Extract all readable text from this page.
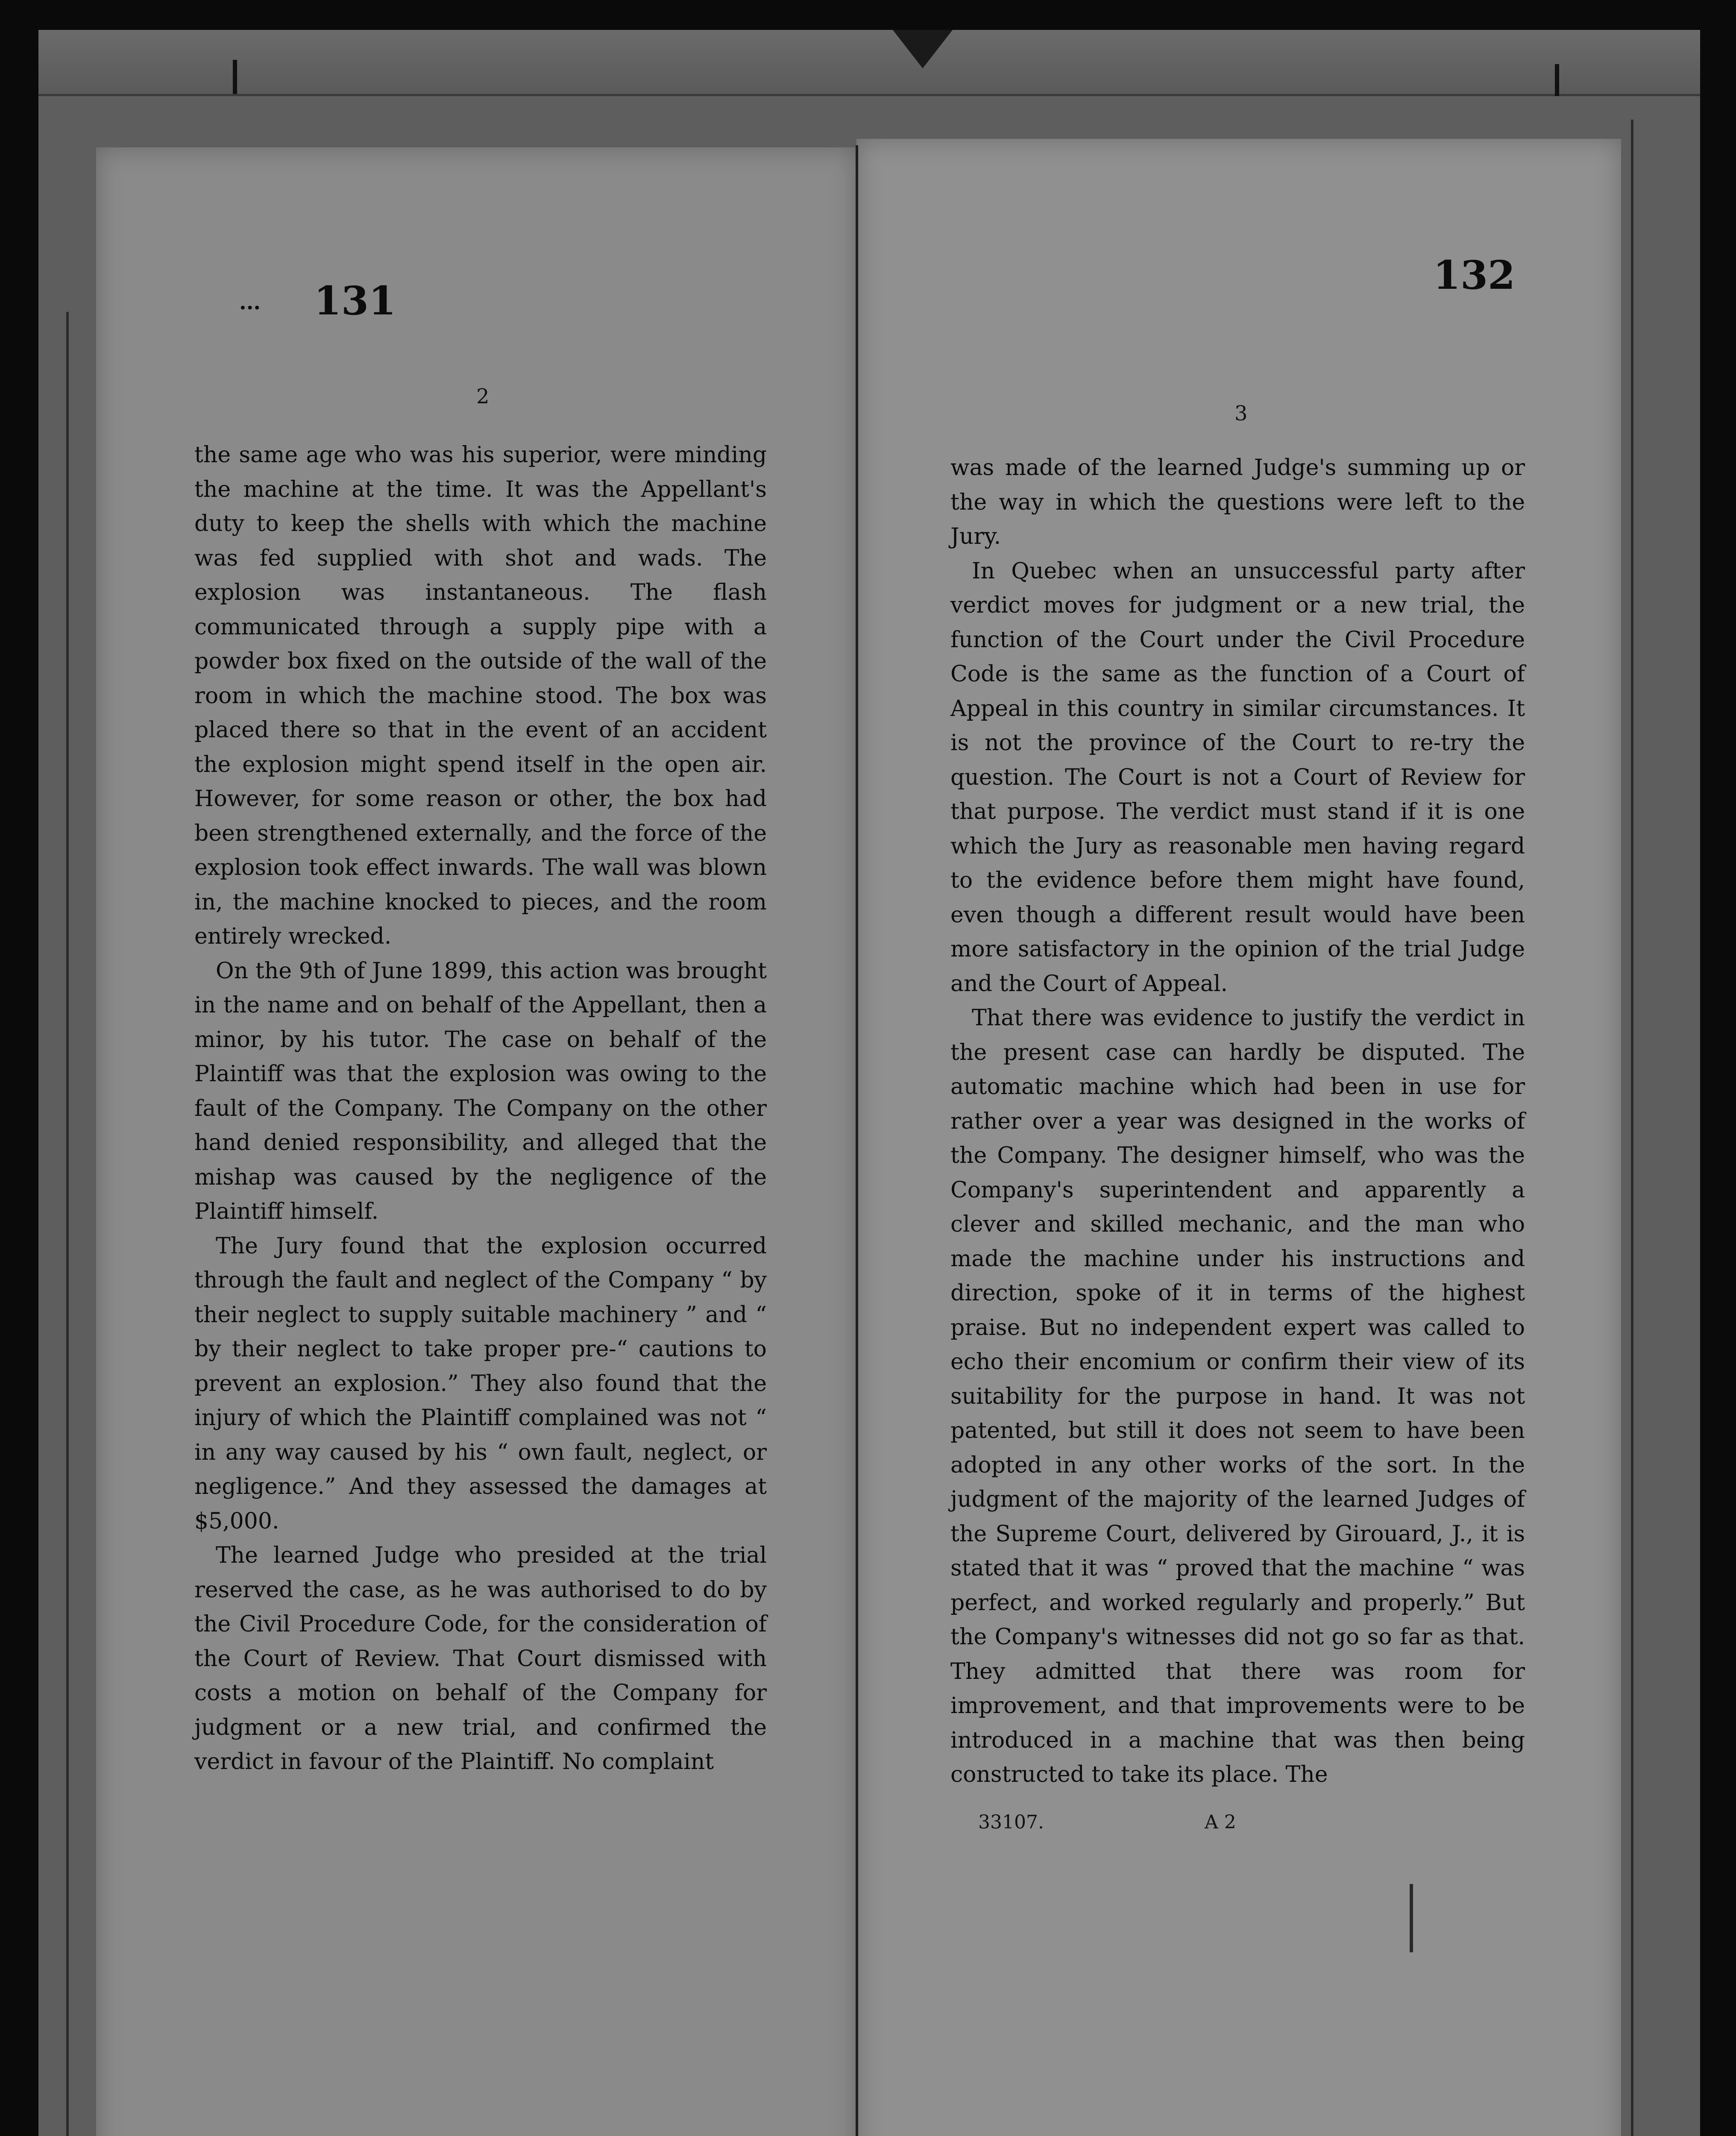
... 131
132
2
3

the same age who was his superior, were minding the machine at the time. It was the Appellant's duty to keep the shells with which the machine was fed supplied with shot and wads. The explosion was instantaneous. The flash communicated through a supply pipe with a powder box fixed on the outside of the wall of the room in which the machine stood. The box was placed there so that in the event of an accident the explosion might spend itself in the open air. However, for some reason or other, the box had been strengthened externally, and the force of the explosion took effect inwards. The wall was blown in, the machine knocked to pieces, and the room entirely wrecked.

On the 9th of June 1899, this action was brought in the name and on behalf of the Appellant, then a minor, by his tutor. The case on behalf of the Plaintiff was that the explosion was owing to the fault of the Company. The Company on the other hand denied responsibility, and alleged that the mishap was caused by the negligence of the Plaintiff himself.

The Jury found that the explosion occurred through the fault and neglect of the Company “ by their neglect to supply suitable machinery ” and “ by their neglect to take proper pre-“ cautions to prevent an explosion.” They also found that the injury of which the Plaintiff complained was not “ in any way caused by his “ own fault, neglect, or negligence.” And they assessed the damages at $5,000.

The learned Judge who presided at the trial reserved the case, as he was authorised to do by the Civil Procedure Code, for the consideration of the Court of Review. That Court dismissed with costs a motion on behalf of the Company for judgment or a new trial, and confirmed the verdict in favour of the Plaintiff. No complaint

was made of the learned Judge's summing up or the way in which the questions were left to the Jury.

In Quebec when an unsuccessful party after verdict moves for judgment or a new trial, the function of the Court under the Civil Procedure Code is the same as the function of a Court of Appeal in this country in similar circumstances. It is not the province of the Court to re-try the question. The Court is not a Court of Review for that purpose. The verdict must stand if it is one which the Jury as reasonable men having regard to the evidence before them might have found, even though a different result would have been more satisfactory in the opinion of the trial Judge and the Court of Appeal.

That there was evidence to justify the verdict in the present case can hardly be disputed. The automatic machine which had been in use for rather over a year was designed in the works of the Company. The designer himself, who was the Company's superintendent and apparently a clever and skilled mechanic, and the man who made the machine under his instructions and direction, spoke of it in terms of the highest praise. But no independent expert was called to echo their encomium or confirm their view of its suitability for the purpose in hand. It was not patented, but still it does not seem to have been adopted in any other works of the sort. In the judgment of the majority of the learned Judges of the Supreme Court, delivered by Girouard, J., it is stated that it was “ proved that the machine “ was perfect, and worked regularly and properly.” But the Company's witnesses did not go so far as that. They admitted that there was room for improvement, and that improvements were to be introduced in a machine that was then being constructed to take its place. The

33107.	A 2
